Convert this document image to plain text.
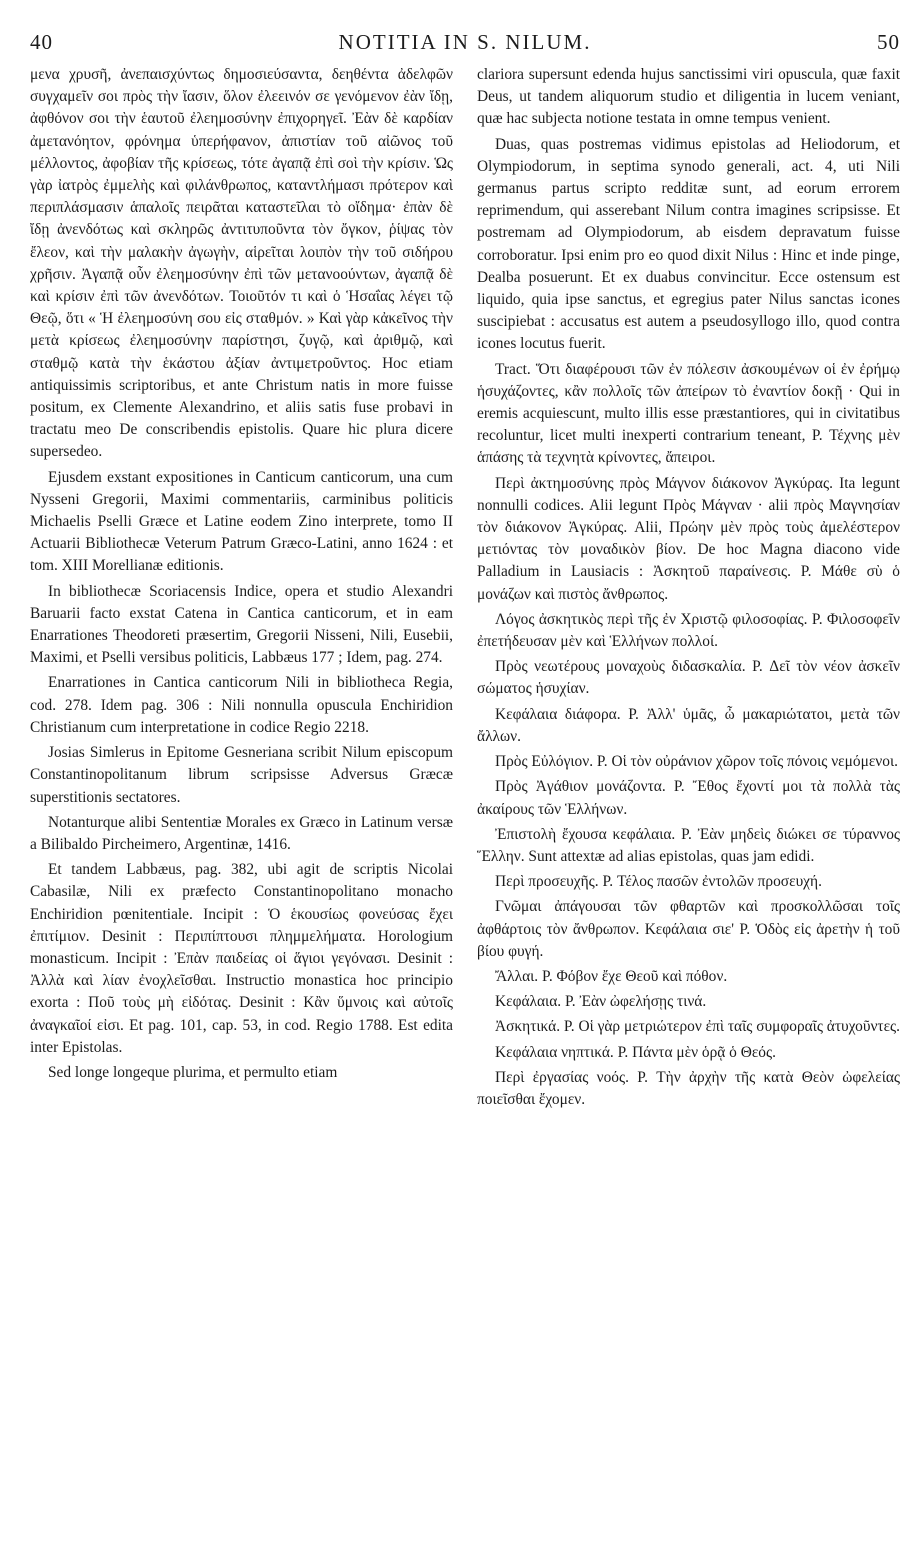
40	NOTITIA IN S. NILUM.	50

μενα χρυσῆ, ἀνεπαισχύντως δημοσιεύσαντα, δεηθέντα ἀδελφῶν συγχαμεῖν σοι πρὸς τὴν ἴασιν, ὅλον ἐλεεινόν σε γενόμενον ἐὰν ἴδῃ, ἀφθόνον σοι τὴν ἑαυτοῦ ἐλεημοσύνην ἐπιχορηγεῖ. Ἐὰν δὲ καρδίαν ἀμετανόητον, φρόνημα ὑπερήφανον, ἀπιστίαν τοῦ αἰῶνος τοῦ μέλλοντος, ἀφοβίαν τῆς κρίσεως, τότε ἀγαπᾷ ἐπὶ σοὶ τὴν κρίσιν. Ὡς γὰρ ἰατρὸς ἐμμελὴς καὶ φιλάνθρωπος, καταντλήμασι πρότερον καὶ περιπλάσμασιν ἁπαλοῖς πειρᾶται καταστεῖλαι τὸ οἴδημα· ἐπὰν δὲ ἴδῃ ἀνενδότως καὶ σκληρῶς ἀντιτυποῦντα τὸν ὄγκον, ῥίψας τὸν ἔλεον, καὶ τὴν μαλακὴν ἀγωγὴν, αἱρεῖται λοιπὸν τὴν τοῦ σιδήρου χρῆσιν. Ἀγαπᾷ οὖν ἐλεημοσύνην ἐπὶ τῶν μετανοούντων, ἀγαπᾷ δὲ καὶ κρίσιν ἐπὶ τῶν ἀνενδότων. Τοιοῦτόν τι καὶ ὁ Ἡσαΐας λέγει τῷ Θεῷ, ὅτι « Ἡ ἐλεημοσύνη σου εἰς σταθμόν. » Καὶ γὰρ κἀκεῖνος τὴν μετὰ κρίσεως ἐλεημοσύνην παρίστησι, ζυγῷ, καὶ ἀριθμῷ, καὶ σταθμῷ κατὰ τὴν ἑκάστου ἀξίαν ἀντιμετροῦντος. Hoc etiam antiquissimis scriptoribus, et ante Christum natis in more fuisse positum, ex Clemente Alexandrino, et aliis satis fuse probavi in tractatu meo De conscribendis epistolis. Quare hic plura dicere supersedeo.

Ejusdem exstant expositiones in Canticum canticorum, una cum Nysseni Gregorii, Maximi commentariis, carminibus politicis Michaelis Pselli Græce et Latine eodem Zino interprete, tomo II Actuarii Bibliothecæ Veterum Patrum Græco-Latini, anno 1624 : et tom. XIII Morellianæ editionis.

In bibliothecæ Scoriacensis Indice, opera et studio Alexandri Baruarii facto exstat Catena in Cantica canticorum, et in eam Enarrationes Theodoreti præsertim, Gregorii Nisseni, Nili, Eusebii, Maximi, et Pselli versibus politicis, Labbæus 177 ; Idem, pag. 274.

Enarrationes in Cantica canticorum Nili in bibliotheca Regia, cod. 278. Idem pag. 306 : Nili nonnulla opuscula Enchiridion Christianum cum interpretatione in codice Regio 2218.

Josias Simlerus in Epitome Gesneriana scribit Nilum episcopum Constantinopolitanum librum scripsisse Adversus Græcæ superstitionis sectatores.

Notanturque alibi Sententiæ Morales ex Græco in Latinum versæ a Bilibaldo Pircheimero, Argentinæ, 1416.

Et tandem Labbæus, pag. 382, ubi agit de scriptis Nicolai Cabasilæ, Nili ex præfecto Constantinopolitano monacho Enchiridion pœnitentiale. Incipit : Ὁ ἑκουσίως φονεύσας ἔχει ἐπιτίμιον. Desinit : Περιπίπτουσι πλημμελήματα. Horologium monasticum. Incipit : Ἐπὰν παιδείας οἱ ἅγιοι γεγόνασι. Desinit : Ἀλλὰ καὶ λίαν ἐνοχλεῖσθαι. Instructio monastica hoc principio exorta : Ποῦ τοὺς μὴ εἰδότας. Desinit : Κἂν ὕμνοις καὶ αὐτοῖς ἀναγκαῖοί εἰσι. Et pag. 101, cap. 53, in cod. Regio 1788. Est edita inter Epistolas.

Sed longe longeque plurima, et permulto etiam

clariora supersunt edenda hujus sanctissimi viri opuscula, quæ faxit Deus, ut tandem aliquorum studio et diligentia in lucem veniant, quæ hac subjecta notione testata in omne tempus venient.

Duas, quas postremas vidimus epistolas ad Heliodorum, et Olympiodorum, in septima synodo generali, act. 4, uti Nili germanus partus scripto redditæ sunt, ad eorum errorem reprimendum, qui asserebant Nilum contra imagines scripsisse. Et postremam ad Olympiodorum, ab eisdem depravatum fuisse corroboratur. Ipsi enim pro eo quod dixit Nilus : Hinc et inde pinge, Dealba posuerunt. Et ex duabus convincitur. Ecce ostensum est liquido, quia ipse sanctus, et egregius pater Nilus sanctas icones suscipiebat : accusatus est autem a pseudosyllogo illo, quod contra icones locutus fuerit.

Tract. Ὅτι διαφέρουσι τῶν ἐν πόλεσιν ἀσκουμένων οἱ ἐν ἐρήμῳ ἡσυχάζοντες, κἂν πολλοῖς τῶν ἀπείρων τὸ ἐναντίον δοκῇ · Qui in eremis acquiescunt, multo illis esse præstantiores, qui in civitatibus recoluntur, licet multi inexperti contrarium teneant, P. Τέχνης μὲν ἁπάσης τὰ τεχνητὰ κρίνοντες, ἄπειροι.

Περὶ ἀκτημοσύνης πρὸς Μάγνον διάκονον Ἀγκύρας. Ita legunt nonnulli codices. Alii legunt Πρὸς Μάγναν · alii πρὸς Μαγνησίαν τὸν διάκονον Ἀγκύρας. Alii, Πρώην μὲν πρὸς τοὺς ἀμελέστερον μετιόντας τὸν μοναδικὸν βίον. De hoc Magna diacono vide Palladium in Lausiacis : Ἀσκητοῦ παραίνεσις. P. Μάθε σὺ ὁ μονάζων καὶ πιστὸς ἄνθρωπος.

Λόγος ἀσκητικὸς περὶ τῆς ἐν Χριστῷ φιλοσοφίας. P. Φιλοσοφεῖν ἐπετήδευσαν μὲν καὶ Ἑλλήνων πολλοί.

Πρὸς νεωτέρους μοναχοὺς διδασκαλία. P. Δεῖ τὸν νέον ἀσκεῖν σώματος ἡσυχίαν.

Κεφάλαια διάφορα. P. Ἀλλ' ὑμᾶς, ὦ μακαριώτατοι, μετὰ τῶν ἄλλων.

Πρὸς Εὐλόγιον. P. Οἱ τὸν οὐράνιον χῶρον τοῖς πόνοις νεμόμενοι.

Πρὸς Ἀγάθιον μονάζοντα. P. Ἔθος ἔχοντί μοι τὰ πολλὰ τὰς ἀκαίρους τῶν Ἑλλήνων.

Ἐπιστολὴ ἔχουσα κεφάλαια. P. Ἐὰν μηδεὶς διώκει σε τύραννος Ἕλλην. Sunt attextæ ad alias epistolas, quas jam edidi.

Περὶ προσευχῆς. P. Τέλος πασῶν ἐντολῶν προσευχή.

Γνῶμαι ἀπάγουσαι τῶν φθαρτῶν καὶ προσκολλῶσαι τοῖς ἀφθάρτοις τὸν ἄνθρωπον. Κεφάλαια σιε' P. Ὁδὸς εἰς ἀρετὴν ἡ τοῦ βίου φυγή.

Ἄλλαι. P. Φόβον ἔχε Θεοῦ καὶ πόθον.

Κεφάλαια. P. Ἐὰν ὠφελήσῃς τινά.

Ἀσκητικά. P. Οἱ γὰρ μετριώτερον ἐπὶ ταῖς συμφοραῖς ἀτυχοῦντες.

Κεφάλαια νηπτικά. P. Πάντα μὲν ὁρᾷ ὁ Θεός.

Περὶ ἐργασίας νοός. P. Τὴν ἀρχὴν τῆς κατὰ Θεὸν ὠφελείας ποιεῖσθαι ἔχομεν.
